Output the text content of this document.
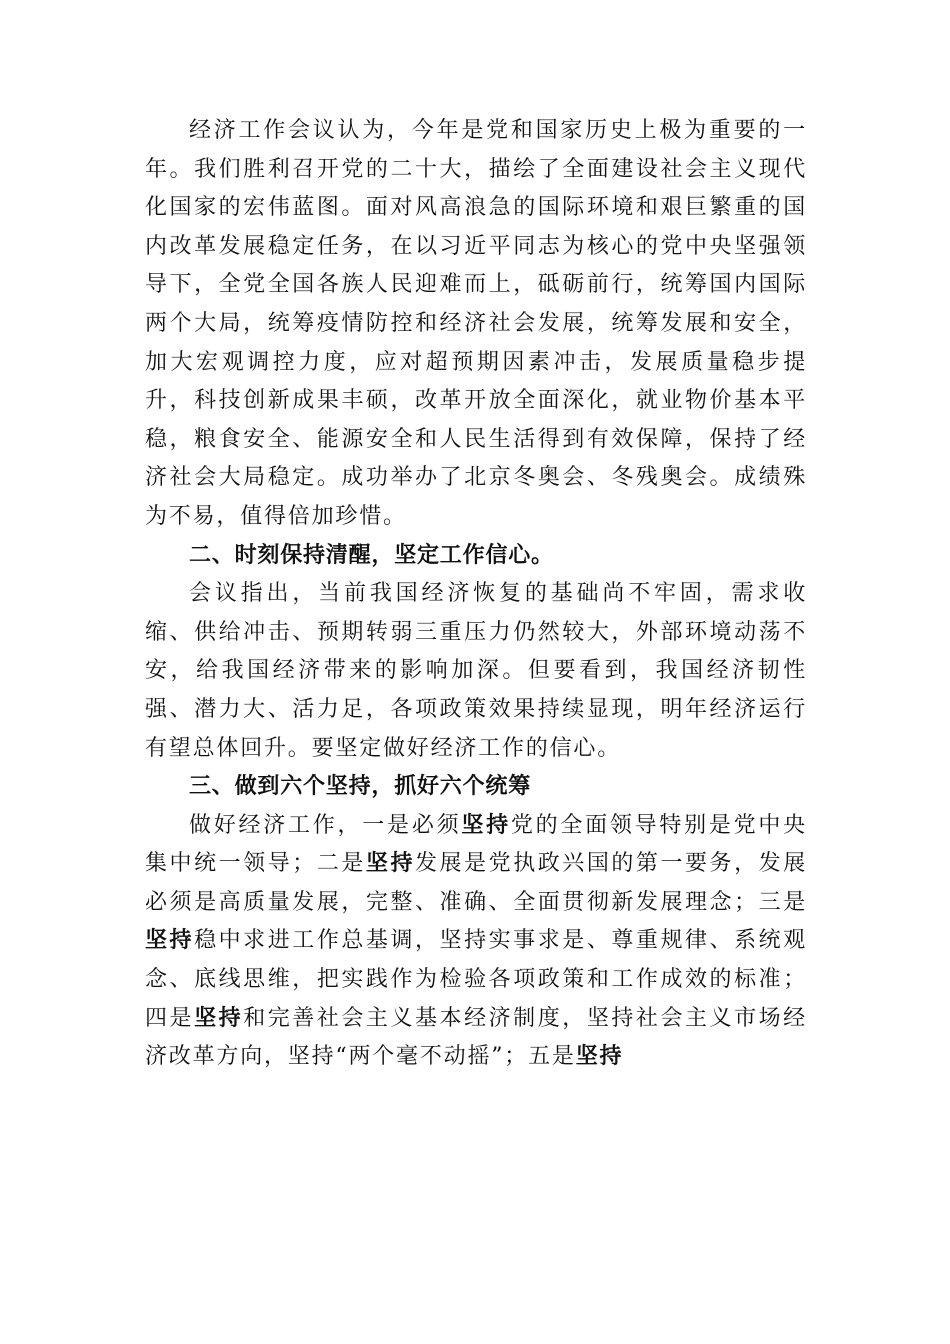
经济工作会议认为，今年是党和国家历史上极为重要的一年。我们胜利召开党的二十大，描绘了全面建设社会主义现代化国家的宏伟蓝图。面对风高浪急的国际环境和艰巨繁重的国内改革发展稳定任务，在以习近平同志为核心的党中央坚强领导下，全党全国各族人民迎难而上，砥砺前行，统筹国内国际两个大局，统筹疫情防控和经济社会发展，统筹发展和安全，加大宏观调控力度，应对超预期因素冲击，发展质量稳步提升，科技创新成果丰硕，改革开放全面深化，就业物价基本平稳，粮食安全、能源安全和人民生活得到有效保障，保持了经济社会大局稳定。成功举办了北京冬奥会、冬残奥会。成绩殊为不易，值得倍加珍惜。

二、时刻保持清醒，坚定工作信心。

会议指出，当前我国经济恢复的基础尚不牢固，需求收缩、供给冲击、预期转弱三重压力仍然较大，外部环境动荡不安，给我国经济带来的影响加深。但要看到，我国经济韧性强、潜力大、活力足，各项政策效果持续显现，明年经济运行有望总体回升。要坚定做好经济工作的信心。

三、做到六个坚持，抓好六个统筹

做好经济工作，一是必须坚持党的全面领导特别是党中央集中统一领导；二是坚持发展是党执政兴国的第一要务，发展必须是高质量发展，完整、准确、全面贯彻新发展理念；三是坚持稳中求进工作总基调，坚持实事求是、尊重规律、系统观念、底线思维，把实践作为检验各项政策和工作成效的标准；四是坚持和完善社会主义基本经济制度，坚持社会主义市场经济改革方向，坚持“两个毫不动摇”；五是坚持
